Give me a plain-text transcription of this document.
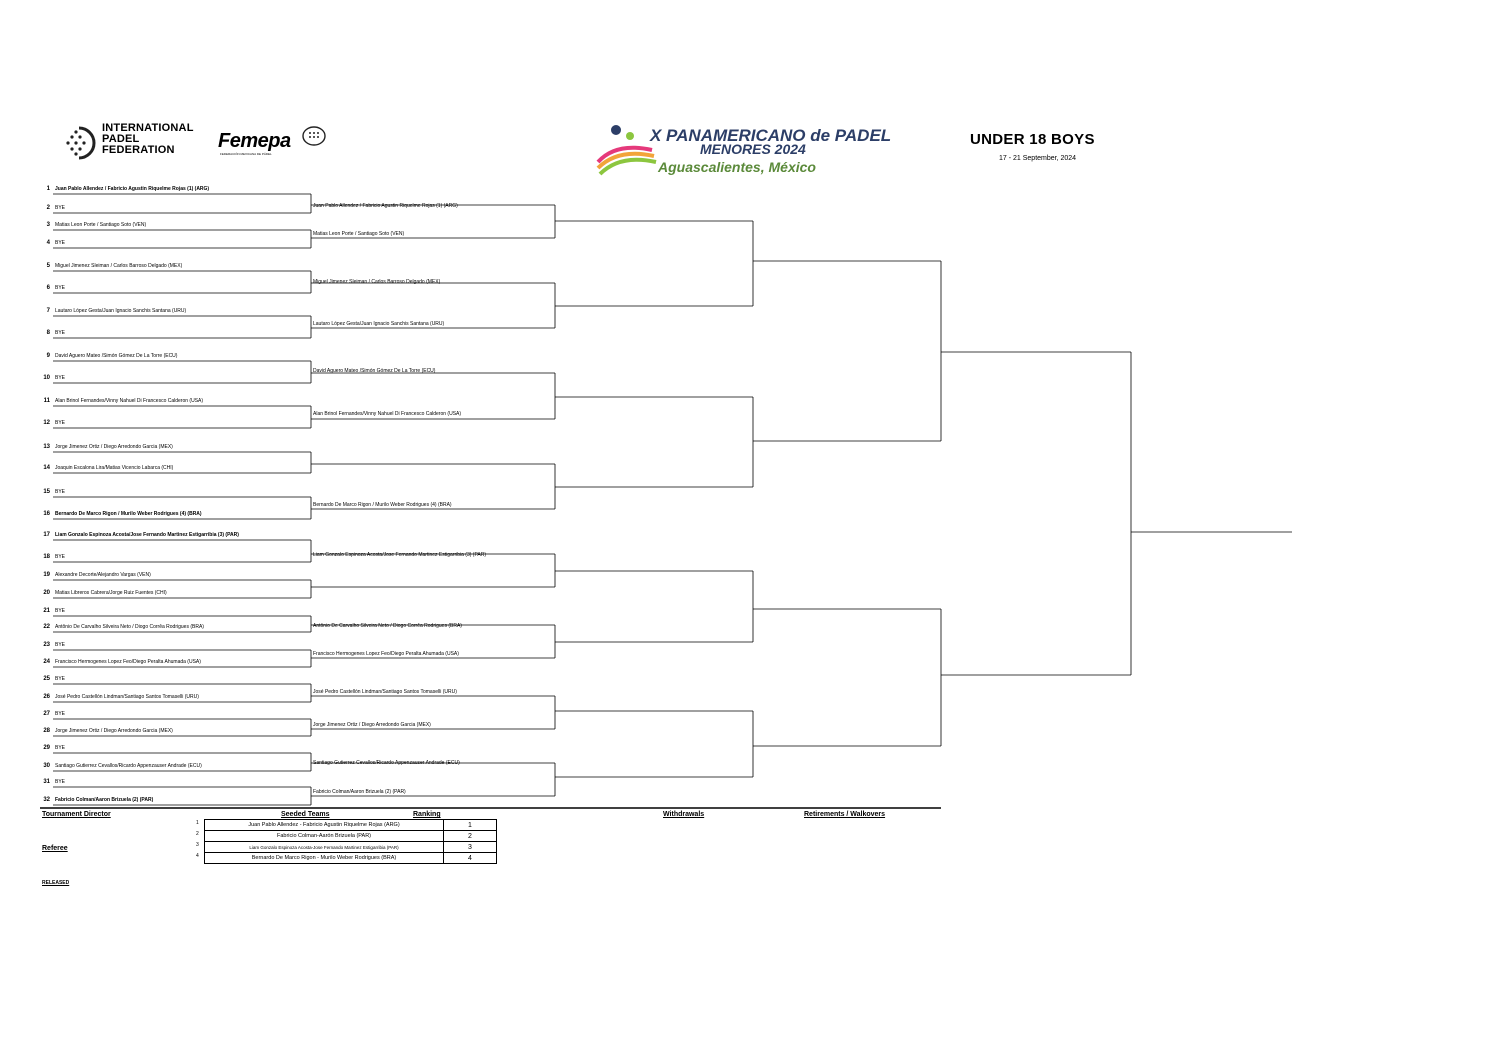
INTERNATIONAL
PADEL
FEDERATION	Femepa
FEDERACIÓN MEXICANA DE PÁDEL
X PANAMERICANO de PADEL
MENORES 2024
Aguascalientes, México
UNDER 18 BOYS
17 - 21 September, 2024
1 Juan Pablo Allendez / Fabricio Agustin Riquelme Rojas (1) (ARG)
2 BYE
3 Matias Leon Porte / Santiago Soto (VEN)
4 BYE
5 Miguel Jimenez Sleiman / Carlos Barroso Delgado (MEX)
6 BYE
7 Lautaro López Gesta/Juan Ignacio Sanchis Santana (URU)
8 BYE
9 David Aguero Mateo /Simón Gómez De La Torre (ECU)
10 BYE
11 Alan Brinol Fernandes/Vinny Nahuel Di Francesco Calderon (USA)
12 BYE
13 Jorge Jimenez Ortiz / Diego Arredondo Garcia (MEX)
14 Joaquin Escalona Lira/Matias Vicencio Labarca (CHI)
15 BYE
16 Bernardo De Marco Rigon / Murilo Weber Rodrigues (4) (BRA)
17 Liam Gonzalo Espinoza Acosta/Jose Fernando Martinez Estigarribia (3) (PAR)
18 BYE
19 Alexandre Decorte/Alejandro Vargas (VEN)
20 Matias Libreros Cabrera/Jorge Ruiz Fuentes (CHI)
21 BYE
22 Antônio De Carvalho Silveira Neto / Diogo Corrêa Rodrigues (BRA)
23 BYE
24 Francisco Hermogenes Lopez Feo/Diego Peralta Ahumada (USA)
25 BYE
26 José Pedro Castellón Lindman/Santiago Santos Tomaselli (URU)
27 BYE
28 Jorge Jimenez Ortiz / Diego Arredondo Garcia (MEX)
29 BYE
30 Santiago Gutierrez Cevallos/Ricardo Appenzauser Andrade (ECU)
31 BYE
32 Fabricio Colman/Aaron Brizuela (2) (PAR)
Juan Pablo Allendez / Fabricio Agustin Riquelme Rojas (1) (ARG)
Matias Leon Porte / Santiago Soto (VEN)
Miguel Jimenez Sleiman / Carlos Barroso Delgado (MEX)
Lautaro López Gesta/Juan Ignacio Sanchis Santana (URU)
David Aguero Mateo /Simón Gómez De La Torre (ECU)
Alan Brinol Fernandes/Vinny Nahuel Di Francesco Calderon (USA)
Bernardo De Marco Rigon / Murilo Weber Rodrigues (4) (BRA)
Liam Gonzalo Espinoza Acosta/Jose Fernando Martinez Estigarribia (3) (PAR)
Antônio De Carvalho Silveira Neto / Diogo Corrêa Rodrigues (BRA)
Francisco Hermogenes Lopez Feo/Diego Peralta Ahumada (USA)
José Pedro Castellón Lindman/Santiago Santos Tomaselli (URU)
Jorge Jimenez Ortiz / Diego Arredondo Garcia (MEX)
Santiago Gutierrez Cevallos/Ricardo Appenzauser Andrade (ECU)
Fabricio Colman/Aaron Brizuela (2) (PAR)
Tournament Director
Referee
Seeded Teams	Ranking	Withdrawals	Retirements / Walkovers
1	Juan Pablo Allendez - Fabricio Agustin Riquelme Rojas (ARG)	1
2	Fabricio Colman-Aarón Brizuela (PAR)	2
3	Liam Gonzalo Espinoza Acosta-Jose Fernando Martinez Estigarribia (PAR)	3
4	Bernardo De Marco Rigon - Murilo Weber Rodrigues (BRA)	4
RELEASED
